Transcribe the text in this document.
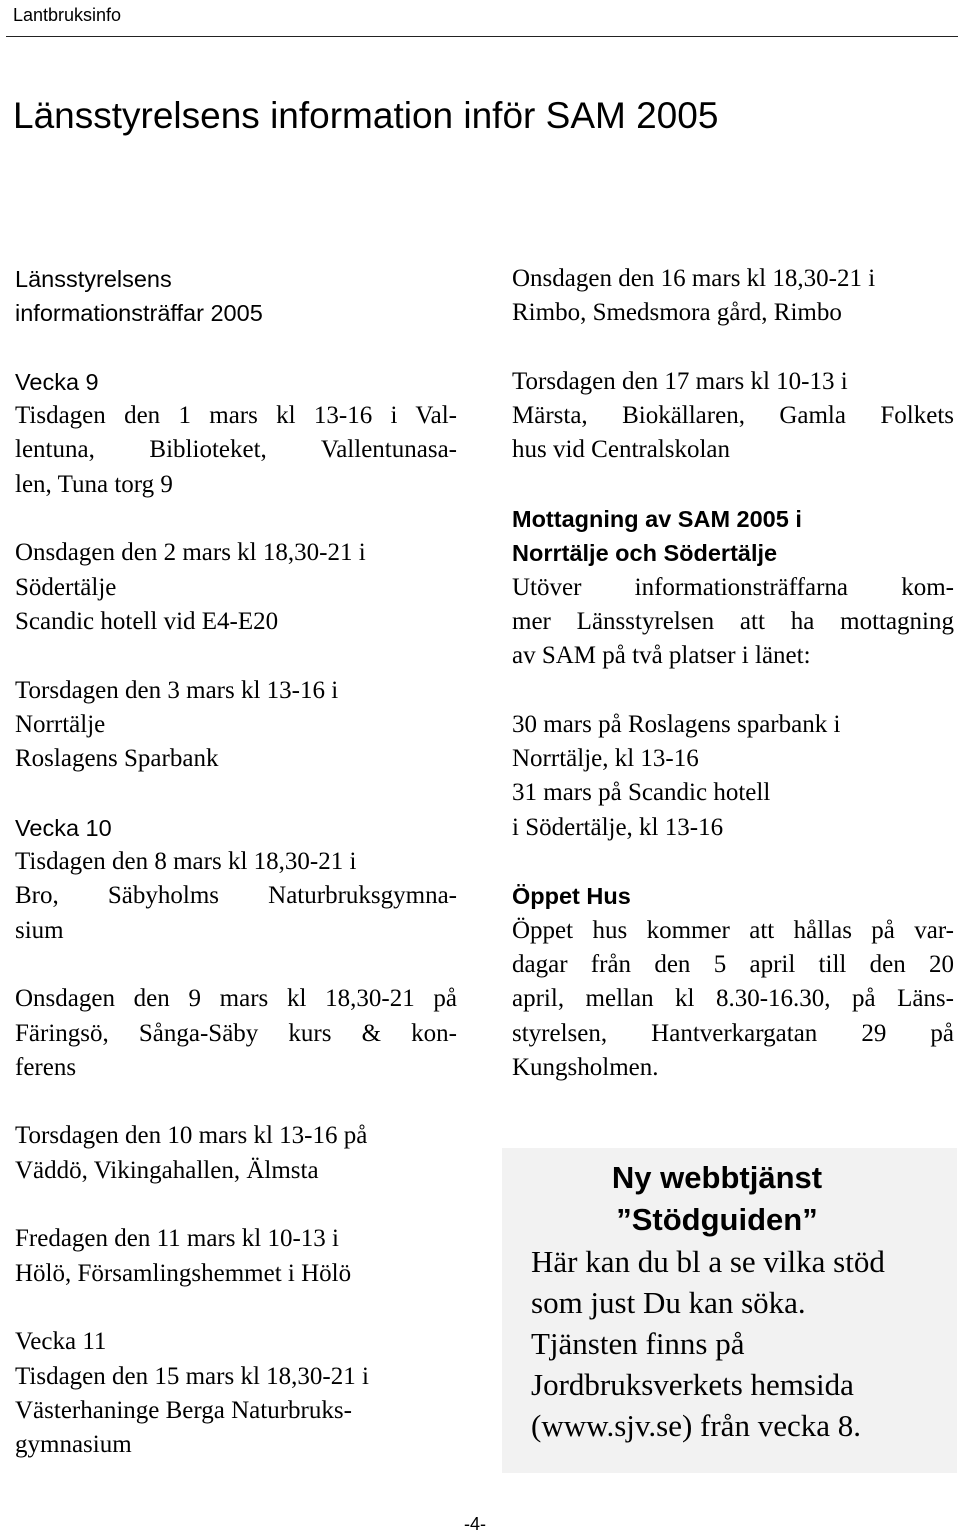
Lantbruksinfo
Länsstyrelsens information inför SAM 2005
Länsstyrelsens
informationsträffar 2005
Vecka 9
Tisdagen den 1 mars kl 13-16 i Val-
lentuna, Biblioteket, Vallentunasa-
len, Tuna torg 9
Onsdagen den 2 mars kl 18,30-21 i
Södertälje
Scandic hotell vid E4-E20
Torsdagen den 3 mars kl 13-16 i
Norrtälje
Roslagens Sparbank
Vecka 10
Tisdagen den 8 mars kl 18,30-21 i
Bro, Säbyholms Naturbruksgymna-
sium
Onsdagen den 9 mars kl 18,30-21 på
Färingsö, Sånga-Säby kurs & kon-
ferens
Torsdagen den 10 mars kl 13-16 på
Väddö, Vikingahallen, Älmsta
Fredagen den 11 mars kl 10-13 i
Hölö, Församlingshemmet i Hölö
Vecka 11
Tisdagen den 15 mars kl 18,30-21 i
Västerhaninge Berga Naturbruks-
gymnasium
Onsdagen den 16 mars kl 18,30-21 i
Rimbo, Smedsmora gård, Rimbo
Torsdagen den 17 mars kl 10-13 i
Märsta, Biokällaren, Gamla Folkets
hus vid Centralskolan
Mottagning av SAM 2005 i
Norrtälje och Södertälje
Utöver informationsträffarna kom-
mer Länsstyrelsen att ha mottagning
av SAM på två platser i länet:
30 mars på Roslagens sparbank i
Norrtälje, kl 13-16
31 mars på Scandic hotell
i Södertälje, kl 13-16
Öppet Hus
Öppet hus kommer att hållas på var-
dagar från den 5 april till den 20
april, mellan kl 8.30-16.30, på Läns-
styrelsen, Hantverkargatan 29 på
Kungsholmen.
Ny webbtjänst
”Stödguiden”
Här kan du bl a se vilka stöd
som just Du kan söka.
Tjänsten finns på
Jordbruksverkets hemsida
(www.sjv.se) från vecka 8.
-4-
